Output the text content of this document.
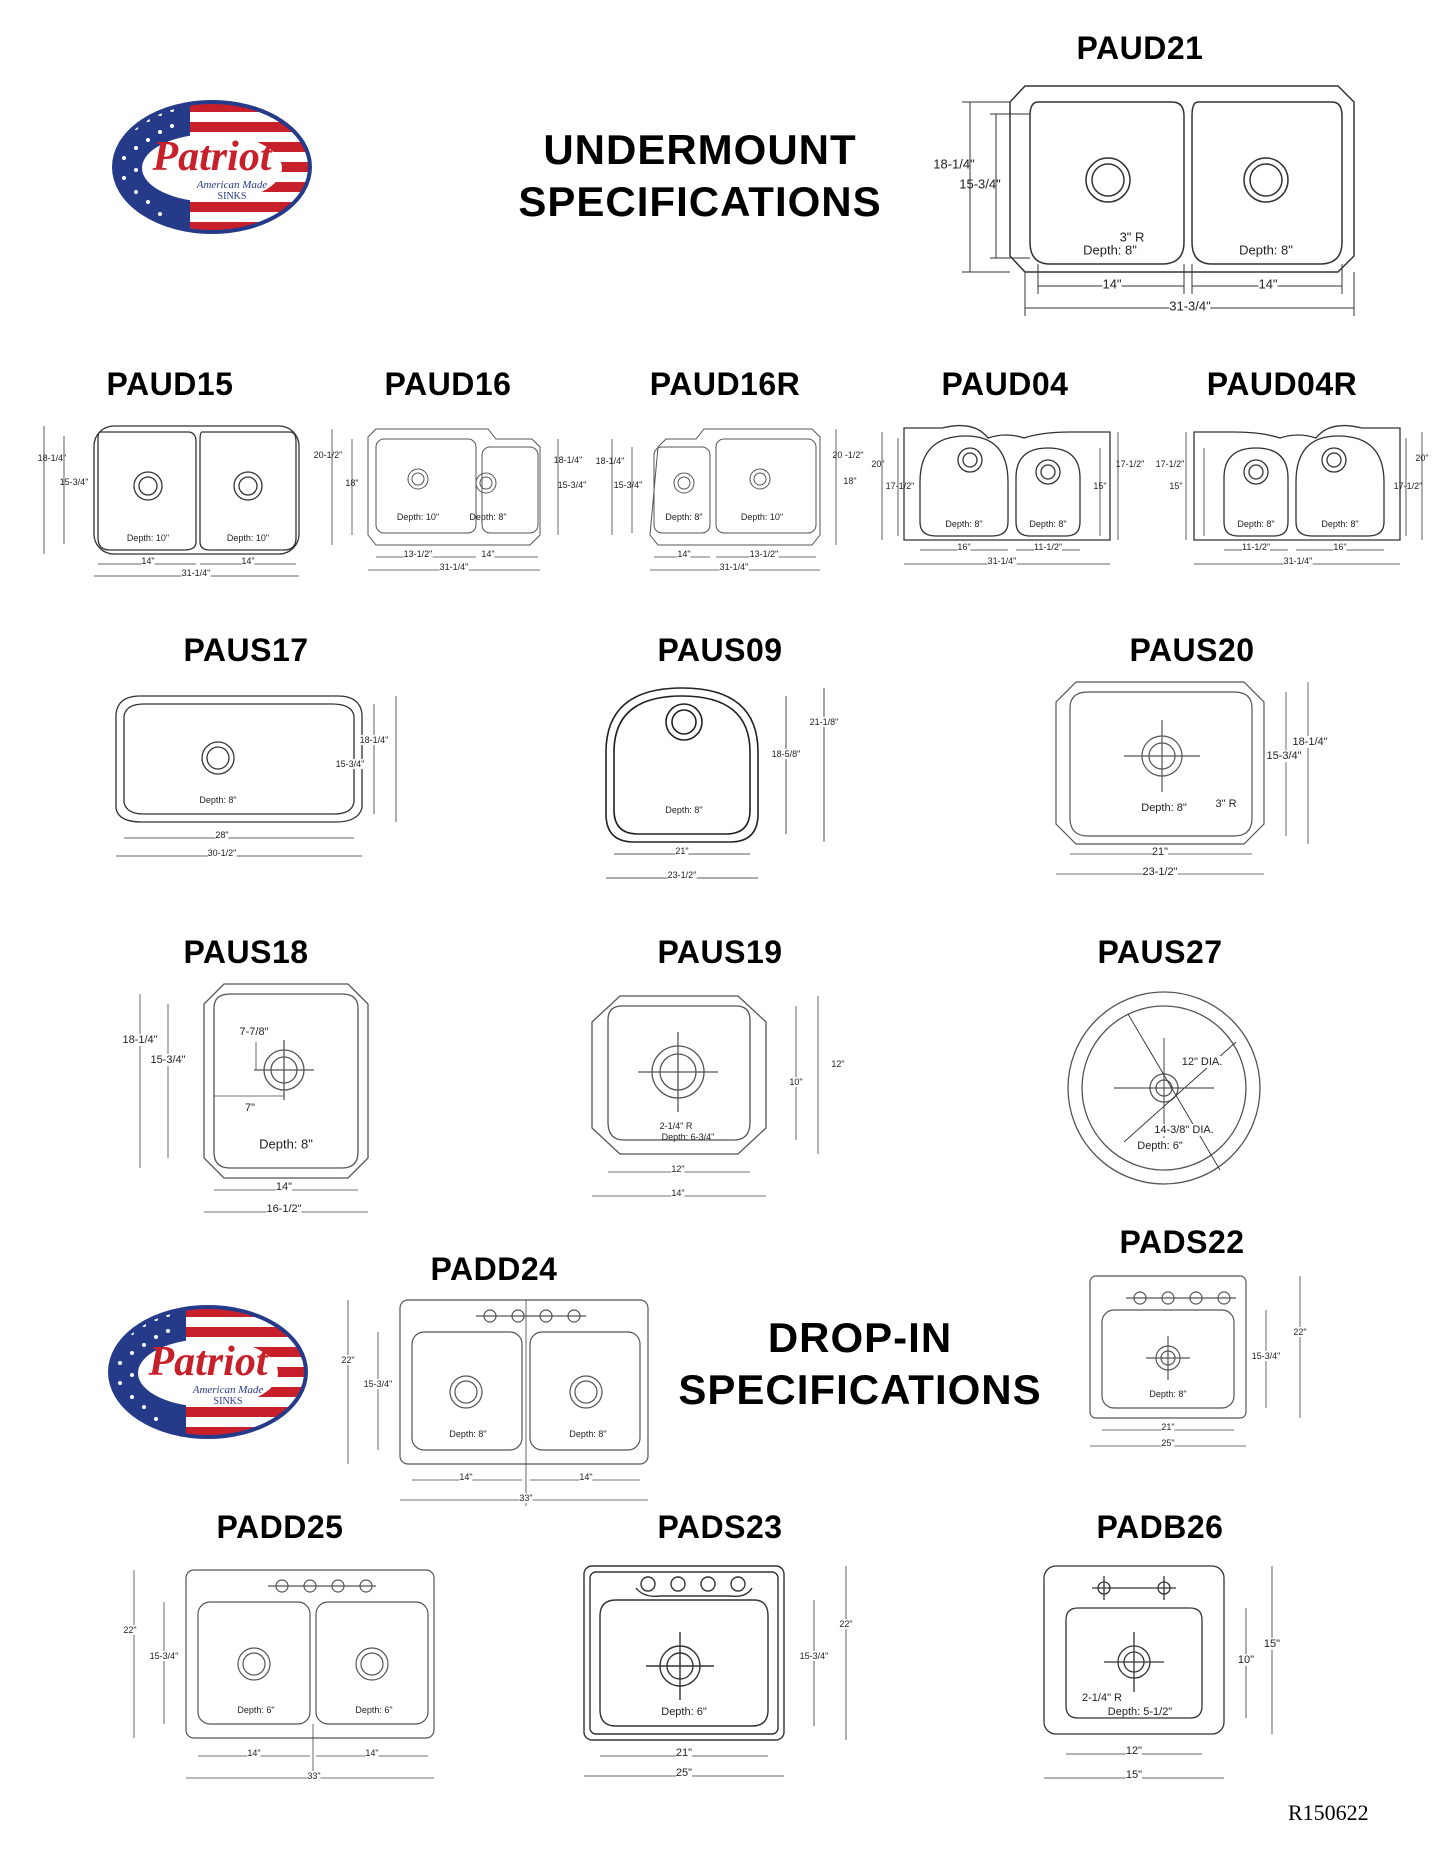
Patriot
American Made
SINKS
Patriot
American Made
SINKS
UNDERMOUNT
SPECIFICATIONS
DROP-IN
SPECIFICATIONS
PAUD21
PAUD15	PAUD16	PAUD16R	PAUD04	PAUD04R
PAUS17	PAUS09	PAUS20
PAUS18	PAUS19	PAUS27
PADS22
PADD24
PADD25	PADS23	PADB26
18-1/4"
15-3/4"
3" R
Depth: 8"	Depth: 8"
14"	14"
31-3/4"
18-1/4"
15-3/4"
Depth: 10"	Depth: 10"
14"	14"
31-1/4"
20-1/2"
18"
18-1/4"
15-3/4"
Depth: 10"	Depth: 8"
13-1/2"	14"
31-1/4"
18-1/4"
15-3/4"
20 -1/2"
18"
Depth: 8"	Depth: 10"
14"	13-1/2"
31-1/4"
20"
17-1/2"
17-1/2"
15"
Depth: 8"	Depth: 8"
16"	11-1/2"
31-1/4"
17-1/2"
15"
20"
17-1/2"
Depth: 8"	Depth: 8"
11-1/2"	16"
31-1/4"
18-1/4"
15-3/4"
Depth: 8"
28"
30-1/2"
21-1/8"
18-5/8"
Depth: 8"
21"
23-1/2"
18-1/4"
15-3/4"
Depth: 8"	3" R
21"
23-1/2"
18-1/4"
15-3/4"
7-7/8"
7"
Depth: 8"
14"
16-1/2"
10"
12"
2-1/4" R
Depth: 6-3/4"
12"
14"
12" DIA.
14-3/8" DIA.
Depth: 6"
22"
15-3/4"
Depth: 8"
21"
25"
22"
15-3/4"
Depth: 8"	Depth: 8"
14"	14"
33"
22"
15-3/4"
Depth: 6"	Depth: 6"
14"	14"
33"
22"
15-3/4"
Depth: 6"
21"
25"
15"
10"
2-1/4" R
Depth: 5-1/2"
12"
15"
R150622
